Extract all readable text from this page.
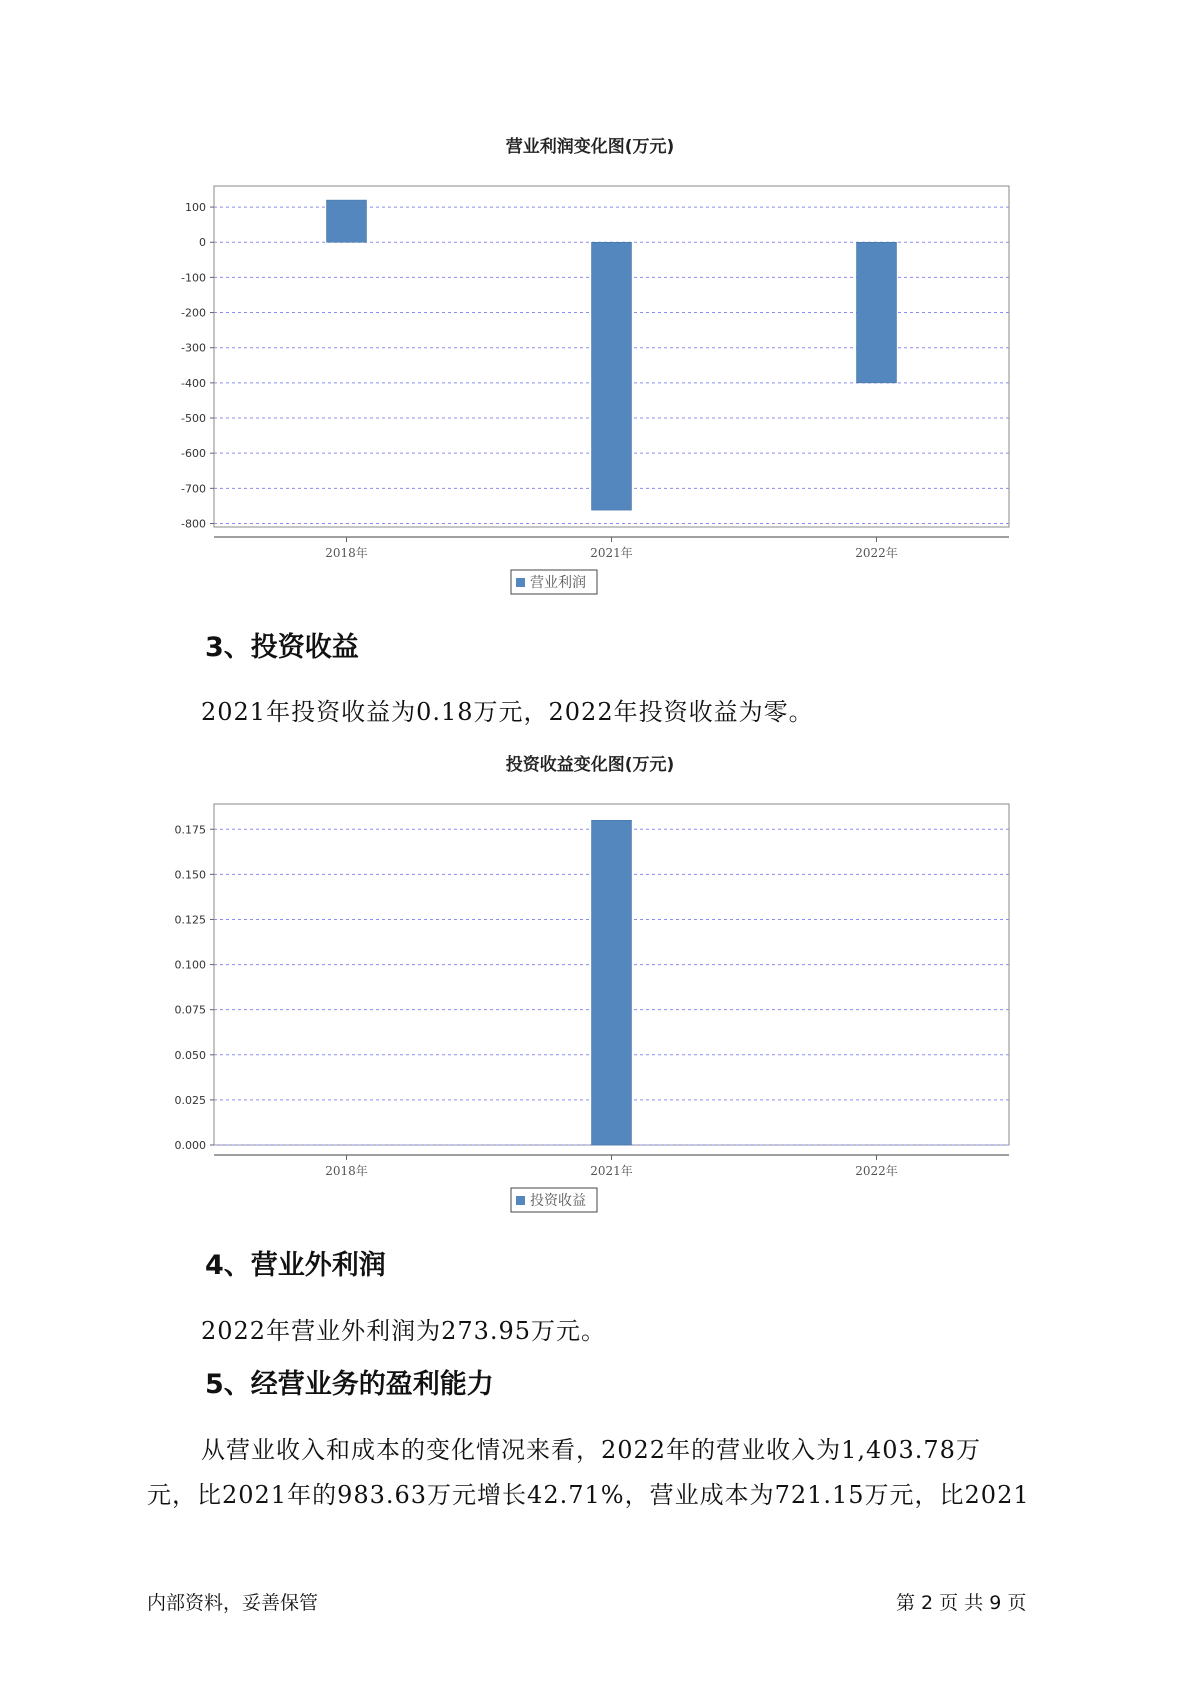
营业利润变化图(万元)
100
0
-100
-200
-300
-400
-500
-600
-700
-800
2018年	2021年	2022年
营业利润
3、投资收益

2021年投资收益为0.18万元，2022年投资收益为零。

投资收益变化图(万元)
0.175
0.150
0.125
0.100
0.075
0.050
0.025
0.000
2018年	2021年	2022年
投资收益
4、营业外利润

2022年营业外利润为273.95万元。

5、经营业务的盈利能力

从营业收入和成本的变化情况来看，2022年的营业收入为1,403.78万

元，比2021年的983.63万元增长42.71%，营业成本为721.15万元，比2021

内部资料，妥善保管	第 2 页 共 9 页
